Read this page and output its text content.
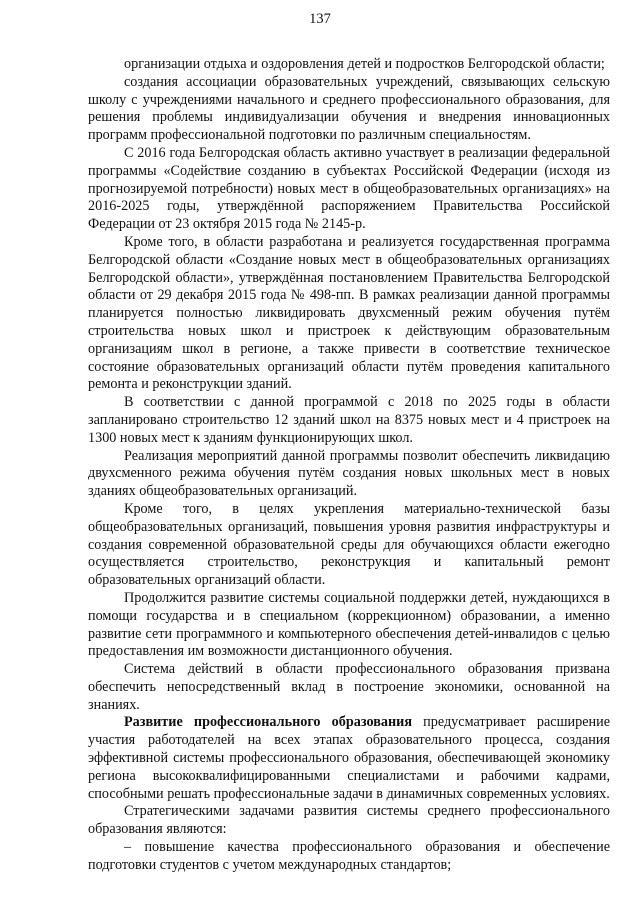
137

организации отдыха и оздоровления детей и подростков Белгородской области;

создания ассоциации образовательных учреждений, связывающих сельскую школу с учреждениями начального и среднего профессионального образования, для решения проблемы индивидуализации обучения и внедрения инновационных программ профессиональной подготовки по различным специальностям.

С 2016 года Белгородская область активно участвует в реализации федеральной программы «Содействие созданию в субъектах Российской Федерации (исходя из прогнозируемой потребности) новых мест в общеобразовательных организациях» на 2016-2025 годы, утверждённой распоряжением Правительства Российской Федерации от 23 октября 2015 года № 2145-р.

Кроме того, в области разработана и реализуется государственная программа Белгородской области «Создание новых мест в общеобразовательных организациях Белгородской области», утверждённая постановлением Правительства Белгородской области от 29 декабря 2015 года № 498-пп. В рамках реализации данной программы планируется полностью ликвидировать двухсменный режим обучения путём строительства новых школ и пристроек к действующим образовательным организациям школ в регионе, а также привести в соответствие техническое состояние образовательных организаций области путём проведения капитального ремонта и реконструкции зданий.

В соответствии с данной программой с 2018 по 2025 годы в области запланировано строительство 12 зданий школ на 8375 новых мест и 4 пристроек на 1300 новых мест к зданиям функционирующих школ.

Реализация мероприятий данной программы позволит обеспечить ликвидацию двухсменного режима обучения путём создания новых школьных мест в новых зданиях общеобразовательных организаций.

Кроме того, в целях укрепления материально-технической базы общеобразовательных организаций, повышения уровня развития инфраструктуры и создания современной образовательной среды для обучающихся области ежегодно осуществляется строительство, реконструкция и капитальный ремонт образовательных организаций области.

Продолжится развитие системы социальной поддержки детей, нуждающихся в помощи государства и в специальном (коррекционном) образовании, а именно развитие сети программного и компьютерного обеспечения детей-инвалидов с целью предоставления им возможности дистанционного обучения.

Система действий в области профессионального образования призвана обеспечить непосредственный вклад в построение экономики, основанной на знаниях.

Развитие профессионального образования предусматривает расширение участия работодателей на всех этапах образовательного процесса, создания эффективной системы профессионального образования, обеспечивающей экономику региона высококвалифицированными специалистами и рабочими кадрами, способными решать профессиональные задачи в динамичных современных условиях.

Стратегическими задачами развития системы среднего профессионального образования являются:

– повышение качества профессионального образования и обеспечение подготовки студентов с учетом международных стандартов;
